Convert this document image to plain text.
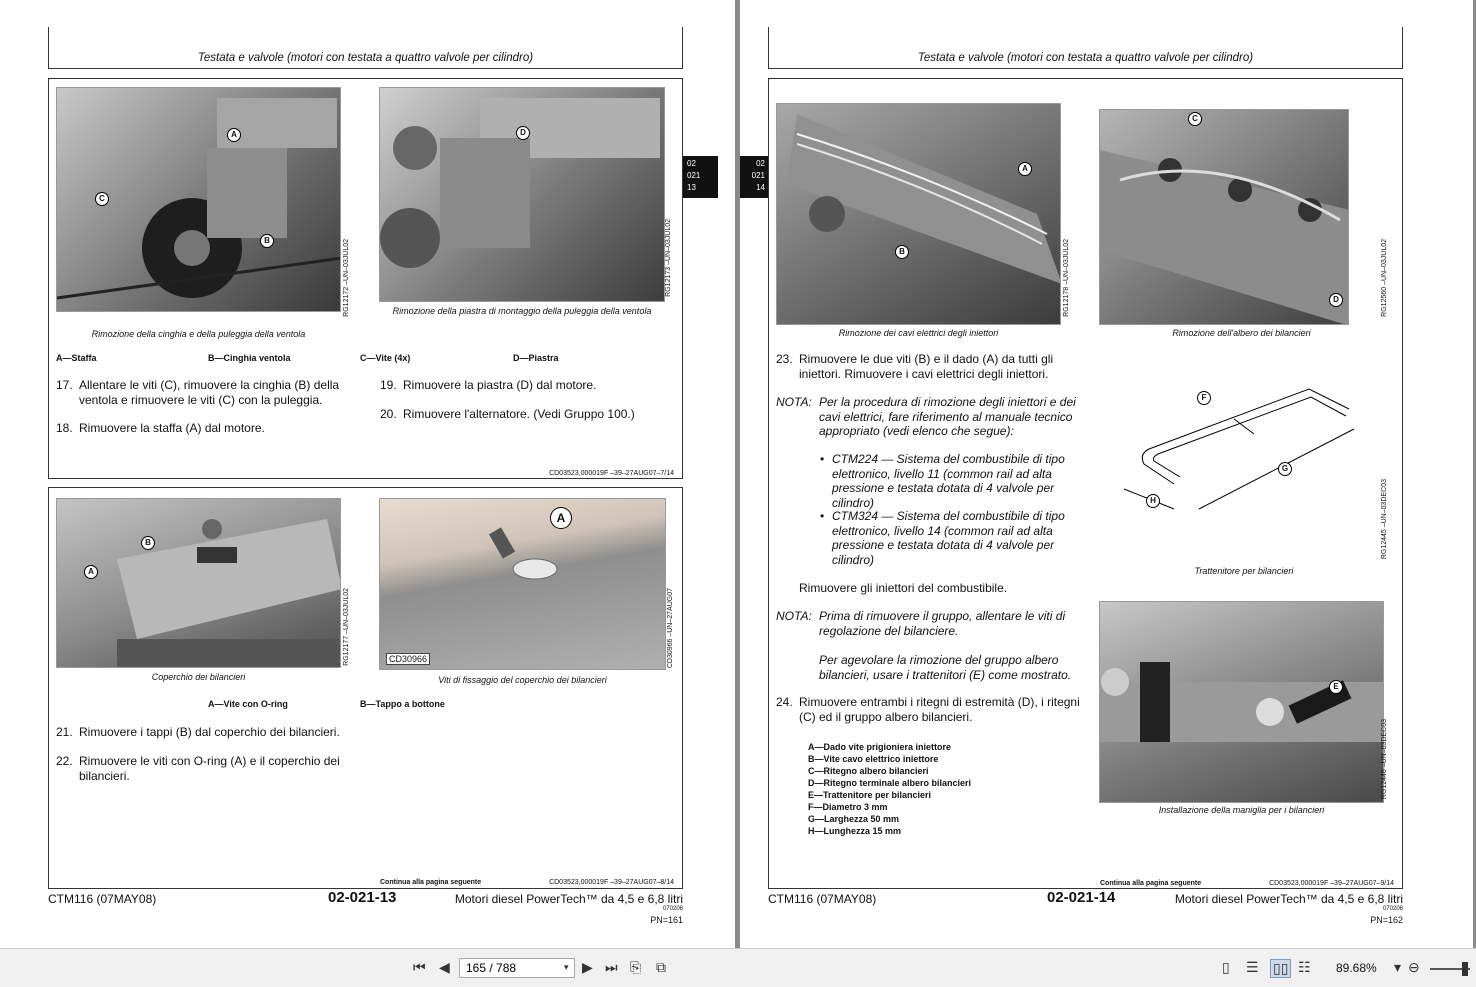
Testata e valvole (motori con testata a quattro valvole per cilindro)
A
C
B	RG12172 –UN–03JUL02
Rimozione della cinghia e della puleggia della ventola
D
RG12173 –UN–03JUL02
Rimozione della piastra di montaggio della puleggia della ventola
A—Staffa	B—Cinghia ventola	C—Vite (4x)	D—Piastra
17. Allentare le viti (C), rimuovere la cinghia (B) della ventola e rimuovere le viti (C) con la puleggia.
18. Rimuovere la staffa (A) dal motore.
19. Rimuovere la piastra (D) dal motore.
20. Rimuovere l'alternatore. (Vedi Gruppo 100.)
CD03523,000019F –39–27AUG07–7/14
B
A
RG12177 –UN–03JUL02
Coperchio dei bilancieri
A
CD30966	CD30966 –UN–27AUG07
Viti di fissaggio del coperchio dei bilancieri
A—Vite con O-ring	B—Tappo a bottone
21. Rimuovere i tappi (B) dal coperchio dei bilancieri.
22. Rimuovere le viti con O-ring (A) e il coperchio dei bilancieri.
Continua alla pagina seguente	CD03523,000019F –39–27AUG07–8/14
02
021
13
CTM116 (07MAY08)	02-021-13	Motori diesel PowerTech™ da 4,5 e 6,8 litri
070208
PN=161
Testata e valvole (motori con testata a quattro valvole per cilindro)
02
021
14
A
B	RG12178 –UN–03JUL02
Rimozione dei cavi elettrici degli iniettori
C
D	RG12560 –UN–03JUL02
Rimozione dell'albero dei bilancieri
23. Rimuovere le due viti (B) e il dado (A) da tutti gli iniettori. Rimuovere i cavi elettrici degli iniettori.
NOTA: Per la procedura di rimozione degli iniettori e dei cavi elettrici, fare riferimento al manuale tecnico appropriato (vedi elenco che segue):
• CTM224 — Sistema del combustibile di tipo elettronico, livello 11 (common rail ad alta pressione e testata dotata di 4 valvole per cilindro)
• CTM324 — Sistema del combustibile di tipo elettronico, livello 14 (common rail ad alta pressione e testata dotata di 4 valvole per cilindro)
Rimuovere gli iniettori del combustibile.
NOTA: Prima di rimuovere il gruppo, allentare le viti di regolazione del bilanciere.
Per agevolare la rimozione del gruppo albero bilancieri, usare i trattenitori (E) come mostrato.
24. Rimuovere entrambi i ritegni di estremità (D), i ritegni (C) ed il gruppo albero bilancieri.
A—Dado vite prigioniera iniettore
B—Vite cavo elettrico iniettore
C—Ritegno albero bilancieri
D—Ritegno terminale albero bilancieri
E—Trattenitore per bilancieri
F—Diametro 3 mm
G—Larghezza 50 mm
H—Lunghezza 15 mm
F
G
H	RG12445 –UN–03DEC03
Trattenitore per bilancieri
E
RG12446 –UN–03DEC03
Installazione della maniglia per i bilancieri
Continua alla pagina seguente	CD03523,000019F –39–27AUG07–9/14
CTM116 (07MAY08)	02-021-14	Motori diesel PowerTech™ da 4,5 e 6,8 litri
070208
PN=162
⏮ ◀
165 / 788	▾ ▶ ⏭ ⎘ ⧉	▯ ☰ ▯▯ ☷ 89.68% ▾ ⊖
